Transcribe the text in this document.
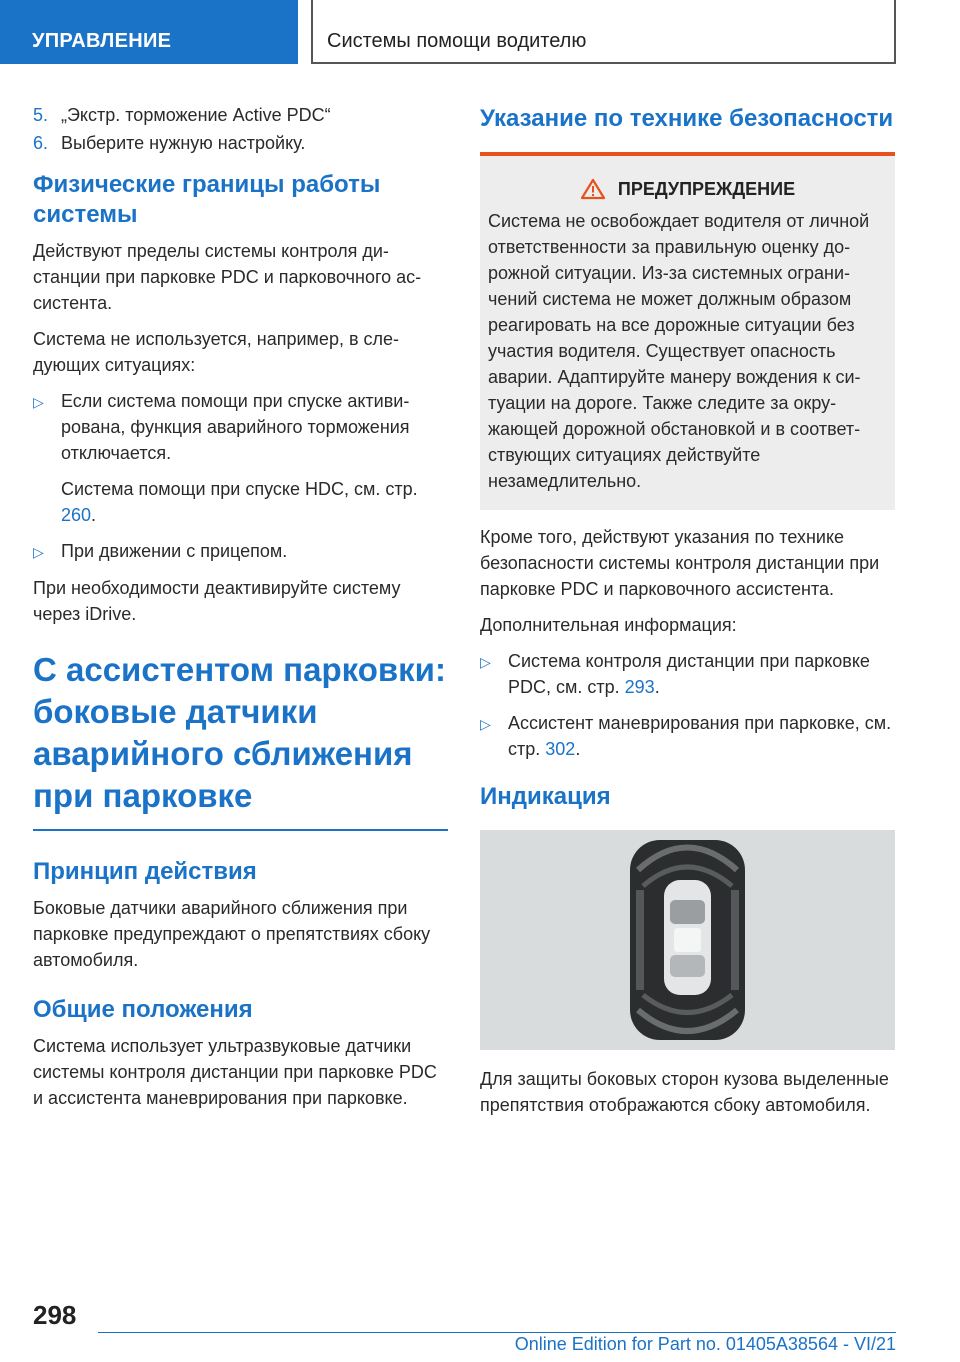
УПРАВЛЕНИЕ	Системы помощи водителю
5. „Экстр. торможение Active PDC“
6. Выберите нужную настройку.
Физические границы работы системы

Действуют пределы системы контроля дистанции при парковке PDC и парковочного ассистента.

Система не используется, например, в следующих ситуациях:

▷ Если система помощи при спуске активирована, функция аварийного торможения отключается.

Система помощи при спуске HDC, см. стр. 260.

▷ При движении с прицепом.

При необходимости деактивируйте систему через iDrive.

С ассистентом парковки: боковые датчики аварийного сближения при парковке
Принцип действия

Боковые датчики аварийного сближения при парковке предупреждают о препятствиях сбоку автомобиля.

Общие положения

Система использует ультразвуковые датчики системы контроля дистанции при парковке PDC и ассистента маневрирования при парковке.

Указание по технике безопасности
ПРЕДУПРЕЖДЕНИЕ

Система не освобождает водителя от личной ответственности за правильную оценку дорожной ситуации. Из-за системных ограничений система не может должным образом реагировать на все дорожные ситуации без участия водителя. Существует опасность аварии. Адаптируйте манеру вождения к ситуации на дороге. Также следите за окружающей дорожной обстановкой и в соответствующих ситуациях действуйте незамедлительно.

Кроме того, действуют указания по технике безопасности системы контроля дистанции при парковке PDC и парковочного ассистента.

Дополнительная информация:

▷ Система контроля дистанции при парковке PDC, см. стр. 293.
▷ Ассистент маневрирования при парковке, см. стр. 302.
Индикация

Для защиты боковых сторон кузова выделенные препятствия отображаются сбоку автомобиля.

298
Online Edition for Part no. 01405A38564 - VI/21
